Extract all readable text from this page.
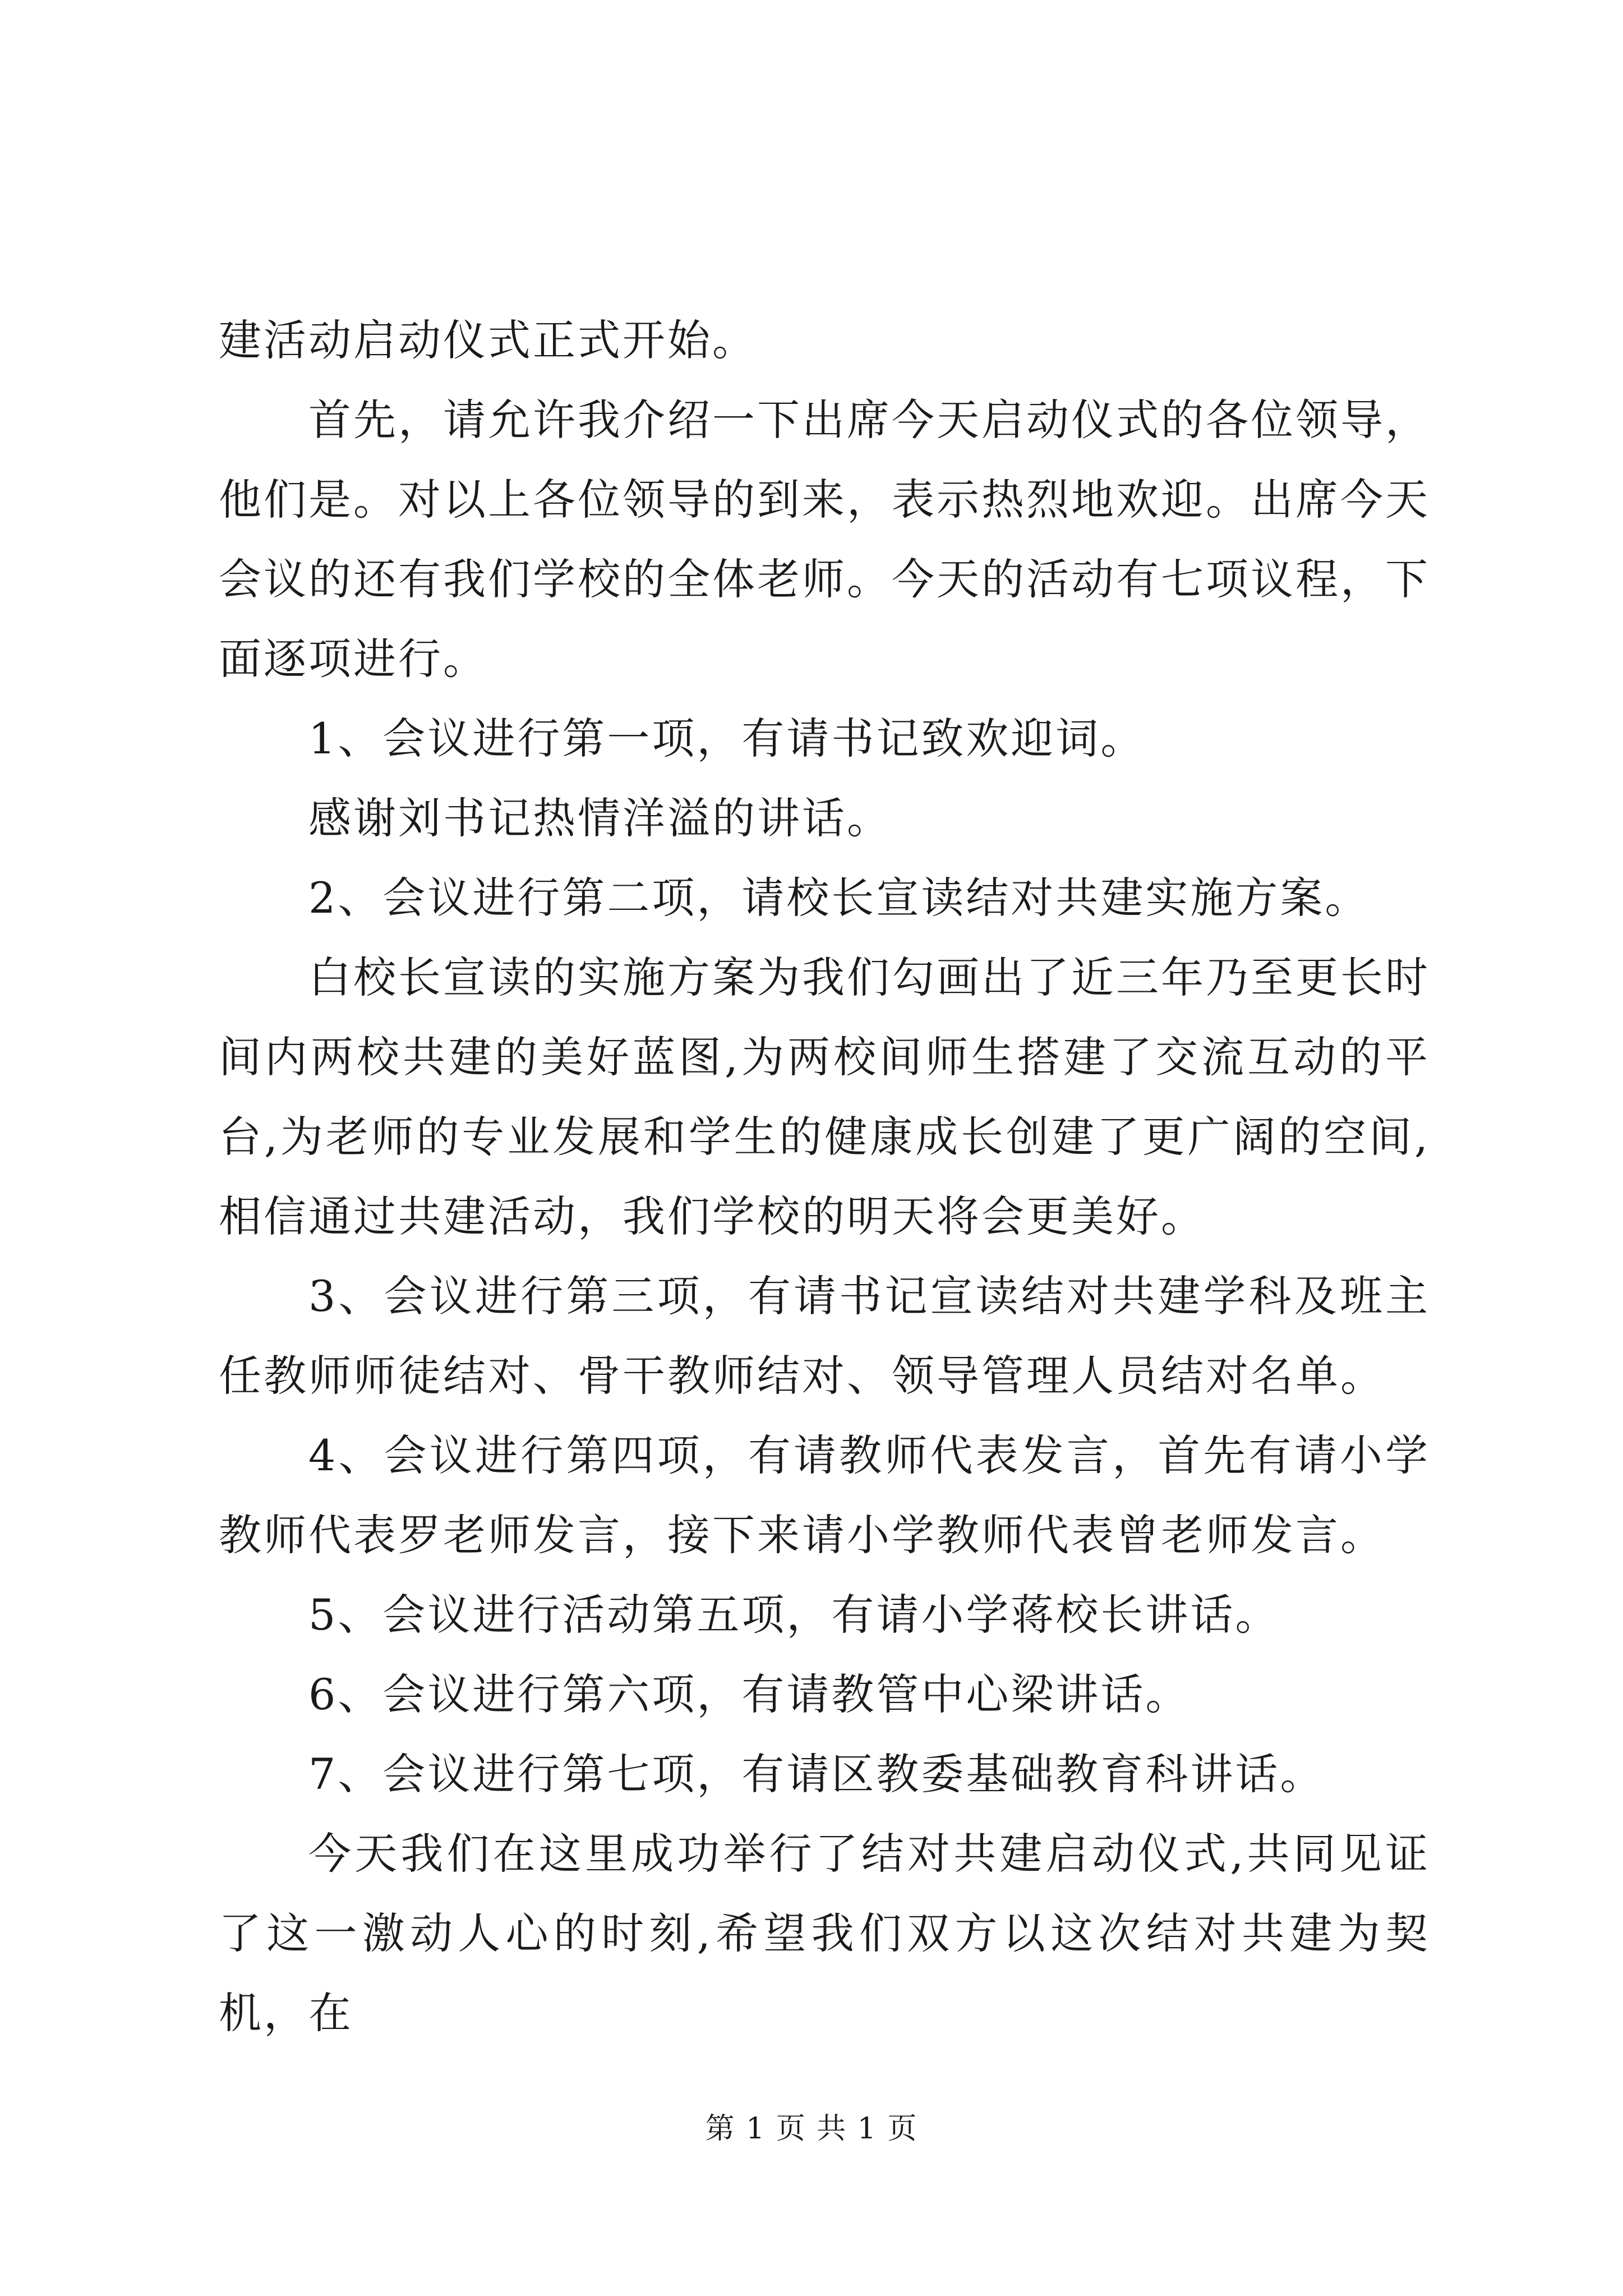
建活动启动仪式正式开始。

首先，请允许我介绍一下出席今天启动仪式的各位领导，他们是。对以上各位领导的到来，表示热烈地欢迎。出席今天会议的还有我们学校的全体老师。今天的活动有七项议程，下面逐项进行。

1、会议进行第一项，有请书记致欢迎词。

感谢刘书记热情洋溢的讲话。

2、会议进行第二项，请校长宣读结对共建实施方案。

白校长宣读的实施方案为我们勾画出了近三年乃至更长时间内两校共建的美好蓝图,为两校间师生搭建了交流互动的平台,为老师的专业发展和学生的健康成长创建了更广阔的空间,相信通过共建活动，我们学校的明天将会更美好。

3、会议进行第三项，有请书记宣读结对共建学科及班主任教师师徒结对、骨干教师结对、领导管理人员结对名单。

4、会议进行第四项，有请教师代表发言，首先有请小学教师代表罗老师发言，接下来请小学教师代表曾老师发言。

5、会议进行活动第五项，有请小学蒋校长讲话。

6、会议进行第六项，有请教管中心梁讲话。

7、会议进行第七项，有请区教委基础教育科讲话。

今天我们在这里成功举行了结对共建启动仪式,共同见证了这一激动人心的时刻,希望我们双方以这次结对共建为契机，在

第 1 页 共 1 页
